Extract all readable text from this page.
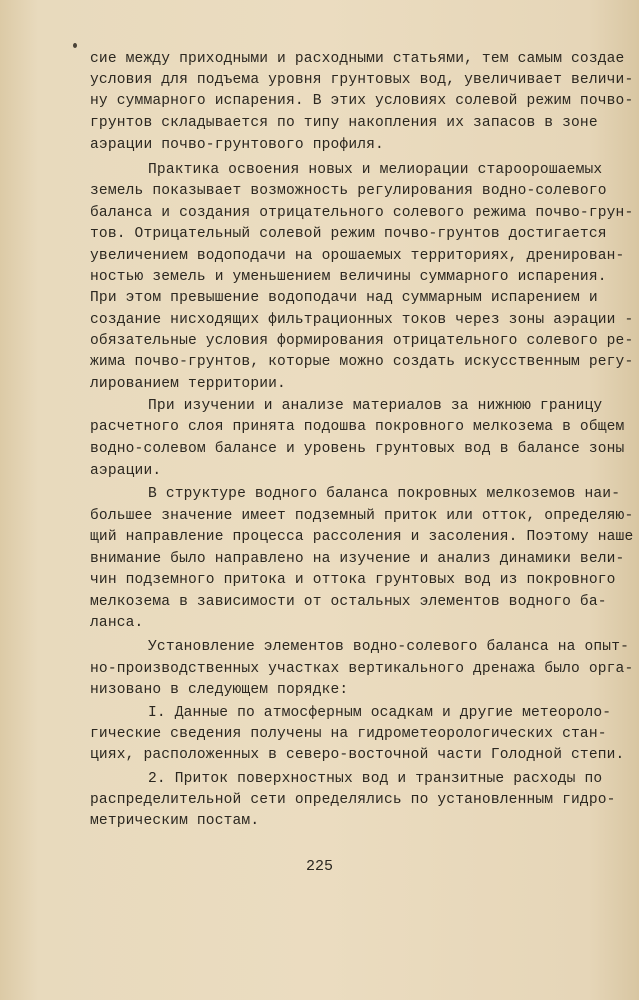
сие между приходными и расходными статьями, тем самым создае
условия для подъема уровня грунтовых вод, увеличивает величи-
ну суммарного испарения. В этих условиях солевой режим почво-
грунтов складывается по типу накопления их запасов в зоне
аэрации почво-грунтового профиля.
Практика освоения новых и мелиорации староорошаемых
земель показывает возможность регулирования водно-солевого
баланса и создания отрицательного солевого режима почво-грун-
тов. Отрицательный солевой режим почво-грунтов достигается
увеличением водоподачи на орошаемых территориях, дренирован-
ностью земель и уменьшением величины суммарного испарения.
При этом превышение водоподачи над суммарным испарением и
создание нисходящих фильтрационных токов через зоны аэрации -
обязательные условия формирования отрицательного солевого ре-
жима почво-грунтов, которые можно создать искусственным регу-
лированием территории.
При изучении и анализе материалов за нижнюю границу
расчетного слоя принята подошва покровного мелкозема в общем
водно-солевом балансе и уровень грунтовых вод в балансе зоны
аэрации.
В структуре водного баланса покровных мелкоземов наи-
большее значение имеет подземный приток или отток, определяю-
щий направление процесса рассоления и засоления. Поэтому наше
внимание было направлено на изучение и анализ динамики вели-
чин подземного притока и оттока грунтовых вод из покровного
мелкозема в зависимости от остальных элементов водного ба-
ланса.
Установление элементов водно-солевого баланса на опыт-
но-производственных участках вертикального дренажа было орга-
низовано в следующем порядке:
I. Данные по атмосферным осадкам и другие метеороло-
гические сведения получены на гидрометеорологических стан-
циях, расположенных в северо-восточной части Голодной степи.
2. Приток поверхностных вод и транзитные расходы по
распределительной сети определялись по установленным гидро-
метрическим постам.
225
